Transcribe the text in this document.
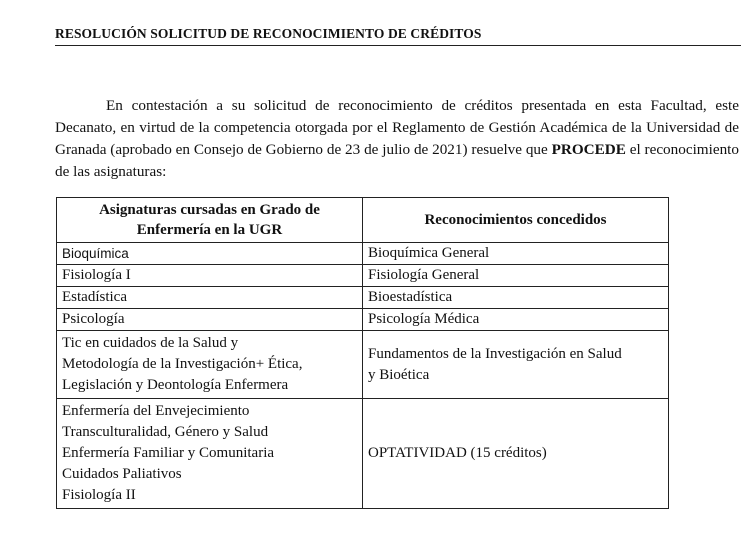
RESOLUCIÓN SOLICITUD DE RECONOCIMIENTO DE CRÉDITOS

En contestación a su solicitud de reconocimiento de créditos presentada en esta Facultad, este Decanato, en virtud de la competencia otorgada por el Reglamento de Gestión Académica de la Universidad de Granada (aprobado en Consejo de Gobierno de 23 de julio de 2021) resuelve que PROCEDE el reconocimiento de las asignaturas:

Asignaturas cursadas en Grado de
Enfermería en la UGR	Reconocimientos concedidos

Bioquímica	Bioquímica General

Fisiología I	Fisiología General

Estadística	Bioestadística

Psicología	Psicología Médica

Tic en cuidados de la Salud y
Metodología de la Investigación+ Ética,
Legislación y Deontología Enfermera	Fundamentos de la Investigación en Salud
y Bioética

Enfermería del Envejecimiento
Transculturalidad, Género y Salud
Enfermería Familiar y Comunitaria
Cuidados Paliativos
Fisiología II	OPTATIVIDAD (15 créditos)
